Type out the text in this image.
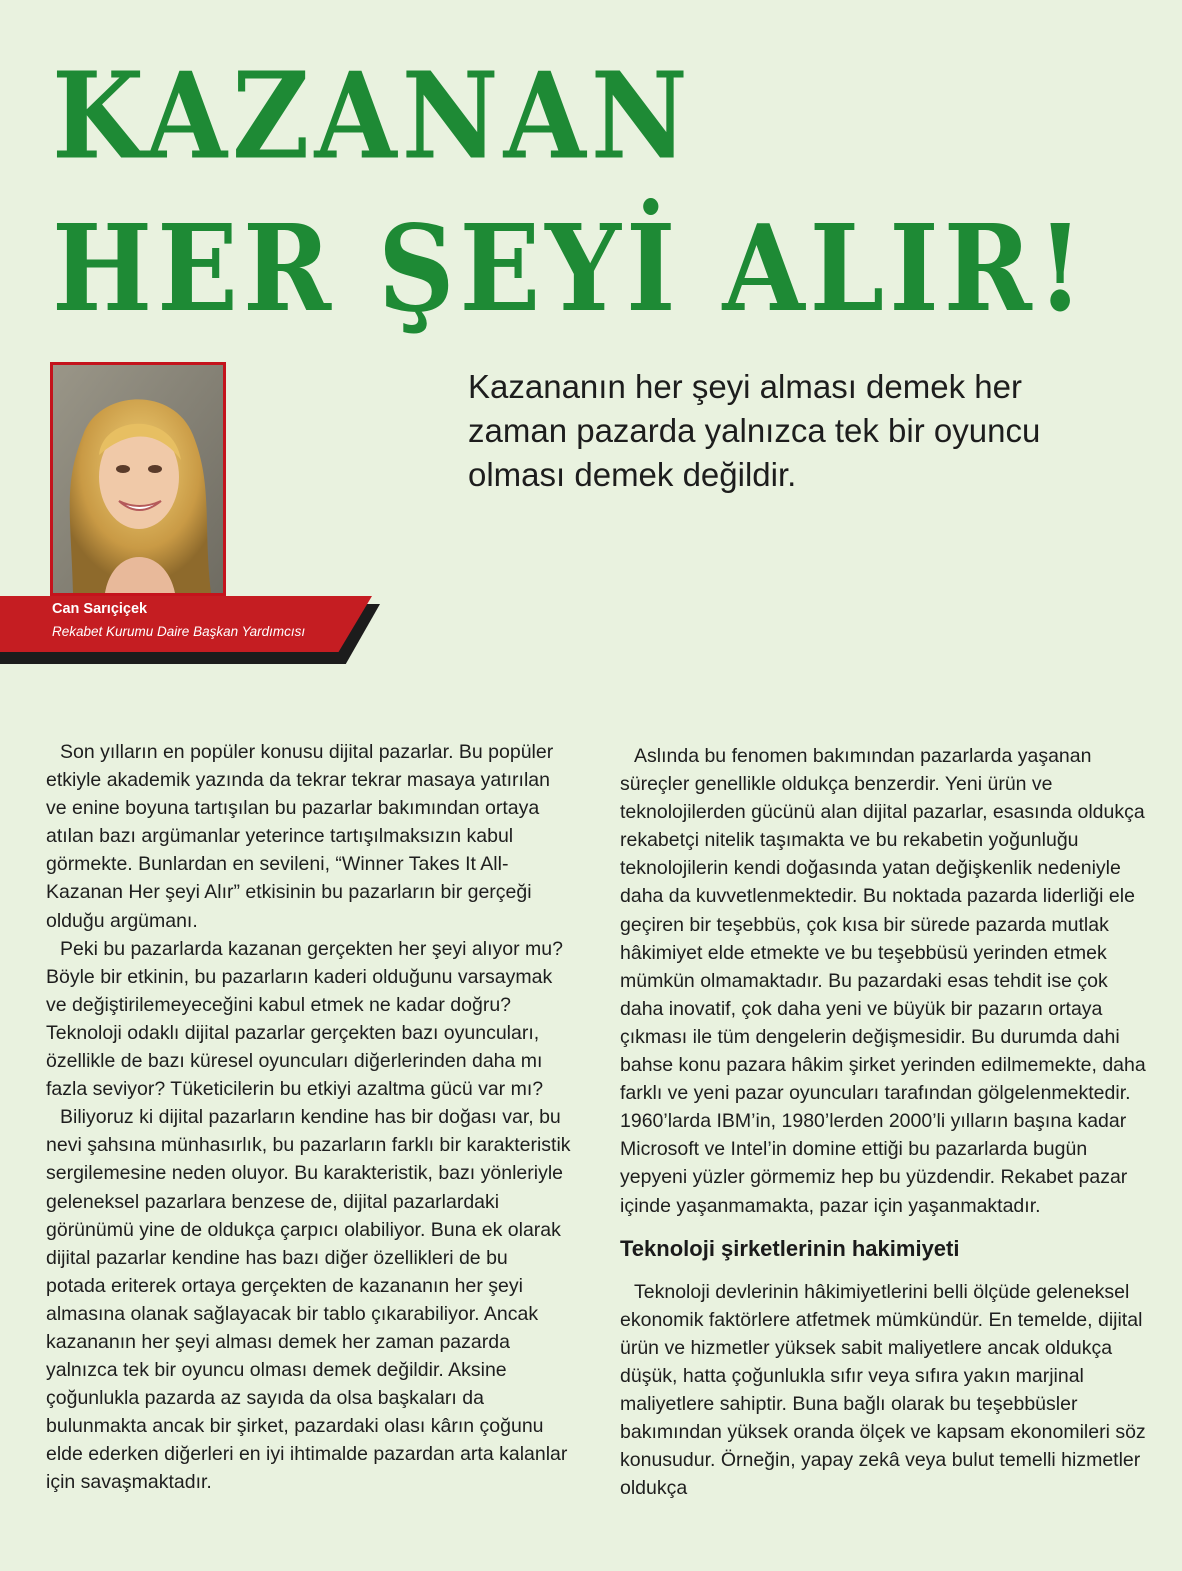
KAZANAN
HER ŞEYİ ALIR!
Can Sarıçiçek
Rekabet Kurumu Daire Başkan Yardımcısı

Kazananın her şeyi alması demek her zaman pazarda yalnızca tek bir oyuncu olması demek değildir.

Son yılların en popüler konusu dijital pazarlar. Bu popüler etkiyle akademik yazında da tekrar tekrar masaya yatırılan ve enine boyuna tartışılan bu pazarlar bakımından ortaya atılan bazı argümanlar yeterince tartışılmaksızın kabul görmekte. Bunlardan en sevileni, “Winner Takes It All-Kazanan Her şeyi Alır” etkisinin bu pazarların bir gerçeği olduğu argümanı.

Peki bu pazarlarda kazanan gerçekten her şeyi alıyor mu? Böyle bir etkinin, bu pazarların kaderi olduğunu varsaymak ve değiştirilemeyeceğini kabul etmek ne kadar doğru? Teknoloji odaklı dijital pazarlar gerçekten bazı oyuncuları, özellikle de bazı küresel oyuncuları diğerlerinden daha mı fazla seviyor? Tüketicilerin bu etkiyi azaltma gücü var mı?

Biliyoruz ki dijital pazarların kendine has bir doğası var, bu nevi şahsına münhasırlık, bu pazarların farklı bir karakteristik sergilemesine neden oluyor. Bu karakteristik, bazı yönleriyle geleneksel pazarlara benzese de, dijital pazarlardaki görünümü yine de oldukça çarpıcı olabiliyor. Buna ek olarak dijital pazarlar kendine has bazı diğer özellikleri de bu potada eriterek ortaya gerçekten de kazananın her şeyi almasına olanak sağlayacak bir tablo çıkarabiliyor. Ancak kazananın her şeyi alması demek her zaman pazarda yalnızca tek bir oyuncu olması demek değildir. Aksine çoğunlukla pazarda az sayıda da olsa başkaları da bulunmakta ancak bir şirket, pazardaki olası kârın çoğunu elde ederken diğerleri en iyi ihtimalde pazardan arta kalanlar için savaşmaktadır.

Aslında bu fenomen bakımından pazarlarda yaşanan süreçler genellikle oldukça benzerdir. Yeni ürün ve teknolojilerden gücünü alan dijital pazarlar, esasında oldukça rekabetçi nitelik taşımakta ve bu rekabetin yoğunluğu teknolojilerin kendi doğasında yatan değişkenlik nedeniyle daha da kuvvetlenmektedir. Bu noktada pazarda liderliği ele geçiren bir teşebbüs, çok kısa bir sürede pazarda mutlak hâkimiyet elde etmekte ve bu teşebbüsü yerinden etmek mümkün olmamaktadır. Bu pazardaki esas tehdit ise çok daha inovatif, çok daha yeni ve büyük bir pazarın ortaya çıkması ile tüm dengelerin değişmesidir. Bu durumda dahi bahse konu pazara hâkim şirket yerinden edilmemekte, daha farklı ve yeni pazar oyuncuları tarafından gölgelenmektedir. 1960’larda IBM’in, 1980’lerden 2000’li yılların başına kadar Microsoft ve Intel’in domine ettiği bu pazarlarda bugün yepyeni yüzler görmemiz hep bu yüzdendir. Rekabet pazar içinde yaşanmamakta, pazar için yaşanmaktadır.

Teknoloji şirketlerinin hakimiyeti

Teknoloji devlerinin hâkimiyetlerini belli ölçüde geleneksel ekonomik faktörlere atfetmek mümkündür. En temelde, dijital ürün ve hizmetler yüksek sabit maliyetlere ancak oldukça düşük, hatta çoğunlukla sıfır veya sıfıra yakın marjinal maliyetlere sahiptir. Buna bağlı olarak bu teşebbüsler bakımından yüksek oranda ölçek ve kapsam ekonomileri söz konusudur. Örneğin, yapay zekâ veya bulut temelli hizmetler oldukça
